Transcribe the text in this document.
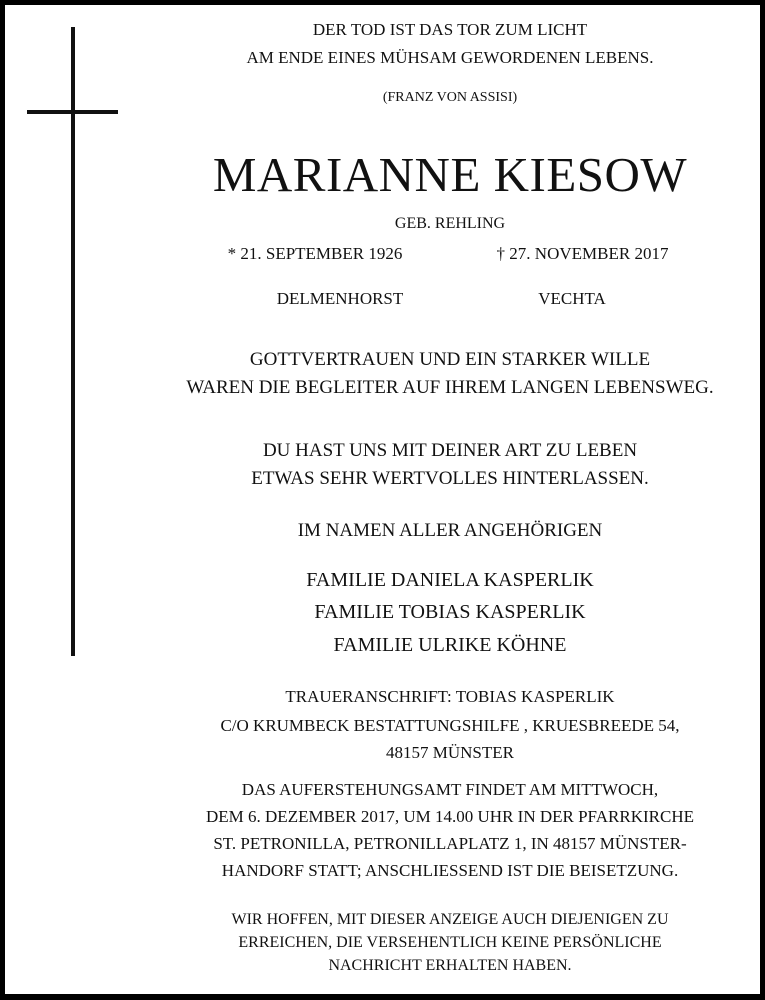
DER TOD IST DAS TOR ZUM LICHT
AM ENDE EINES MÜHSAM GEWORDENEN LEBENS.
(FRANZ VON ASSISI)
MARIANNE KIESOW
GEB. REHLING
* 21. SEPTEMBER 1926	† 27. NOVEMBER 2017
DELMENHORST	VECHTA
GOTTVERTRAUEN UND EIN STARKER WILLE
WAREN DIE BEGLEITER AUF IHREM LANGEN LEBENSWEG.
DU HAST UNS MIT DEINER ART ZU LEBEN
ETWAS SEHR WERTVOLLES HINTERLASSEN.
IM NAMEN ALLER ANGEHÖRIGEN
FAMILIE DANIELA KASPERLIK
FAMILIE TOBIAS KASPERLIK
FAMILIE ULRIKE KÖHNE
TRAUERANSCHRIFT: TOBIAS KASPERLIK
C/O KRUMBECK BESTATTUNGSHILFE , KRUESBREEDE 54,
48157 MÜNSTER
DAS AUFERSTEHUNGSAMT FINDET AM MITTWOCH,
DEM 6. DEZEMBER 2017, UM 14.00 UHR IN DER PFARRKIRCHE
ST. PETRONILLA, PETRONILLAPLATZ 1, IN 48157 MÜNSTER-
HANDORF STATT; ANSCHLIESSEND IST DIE BEISETZUNG.
WIR HOFFEN, MIT DIESER ANZEIGE AUCH DIEJENIGEN ZU
ERREICHEN, DIE VERSEHENTLICH KEINE PERSÖNLICHE
NACHRICHT ERHALTEN HABEN.
